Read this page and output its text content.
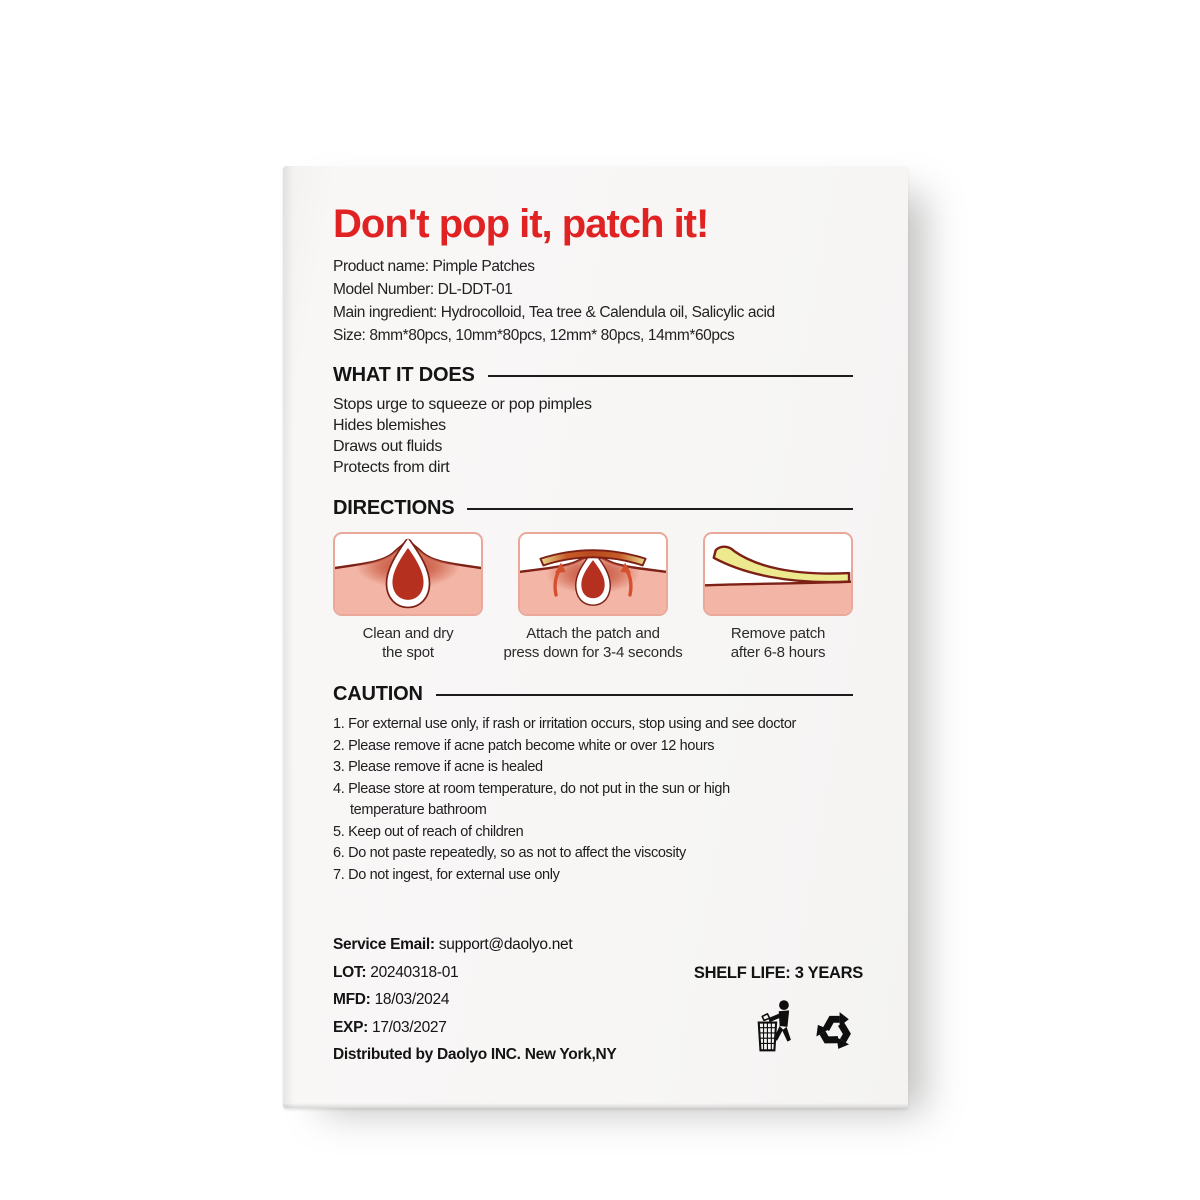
Don't pop it, patch it!
Product name: Pimple Patches
Model Number: DL-DDT-01
Main ingredient: Hydrocolloid, Tea tree & Calendula oil, Salicylic acid
Size: 8mm*80pcs, 10mm*80pcs, 12mm* 80pcs, 14mm*60pcs
WHAT IT DOES
Stops urge to squeeze or pop pimples
Hides blemishes
Draws out fluids
Protects from dirt
DIRECTIONS
Clean and dry
the spot
Attach the patch and
press down for 3-4 seconds
Remove patch
after 6-8 hours
CAUTION
1. For external use only, if rash or irritation occurs, stop using and see doctor
2. Please remove if acne patch become white or over 12 hours
3. Please remove if acne is healed
4. Please store at room temperature, do not put in the sun or high temperature bathroom
5. Keep out of reach of children
6. Do not paste repeatedly, so as not to affect the viscosity
7. Do not ingest, for external use only
Service Email: support@daolyo.net
LOT: 20240318-01
MFD: 18/03/2024
EXP: 17/03/2027
Distributed by Daolyo INC. New York,NY
SHELF LIFE: 3 YEARS
